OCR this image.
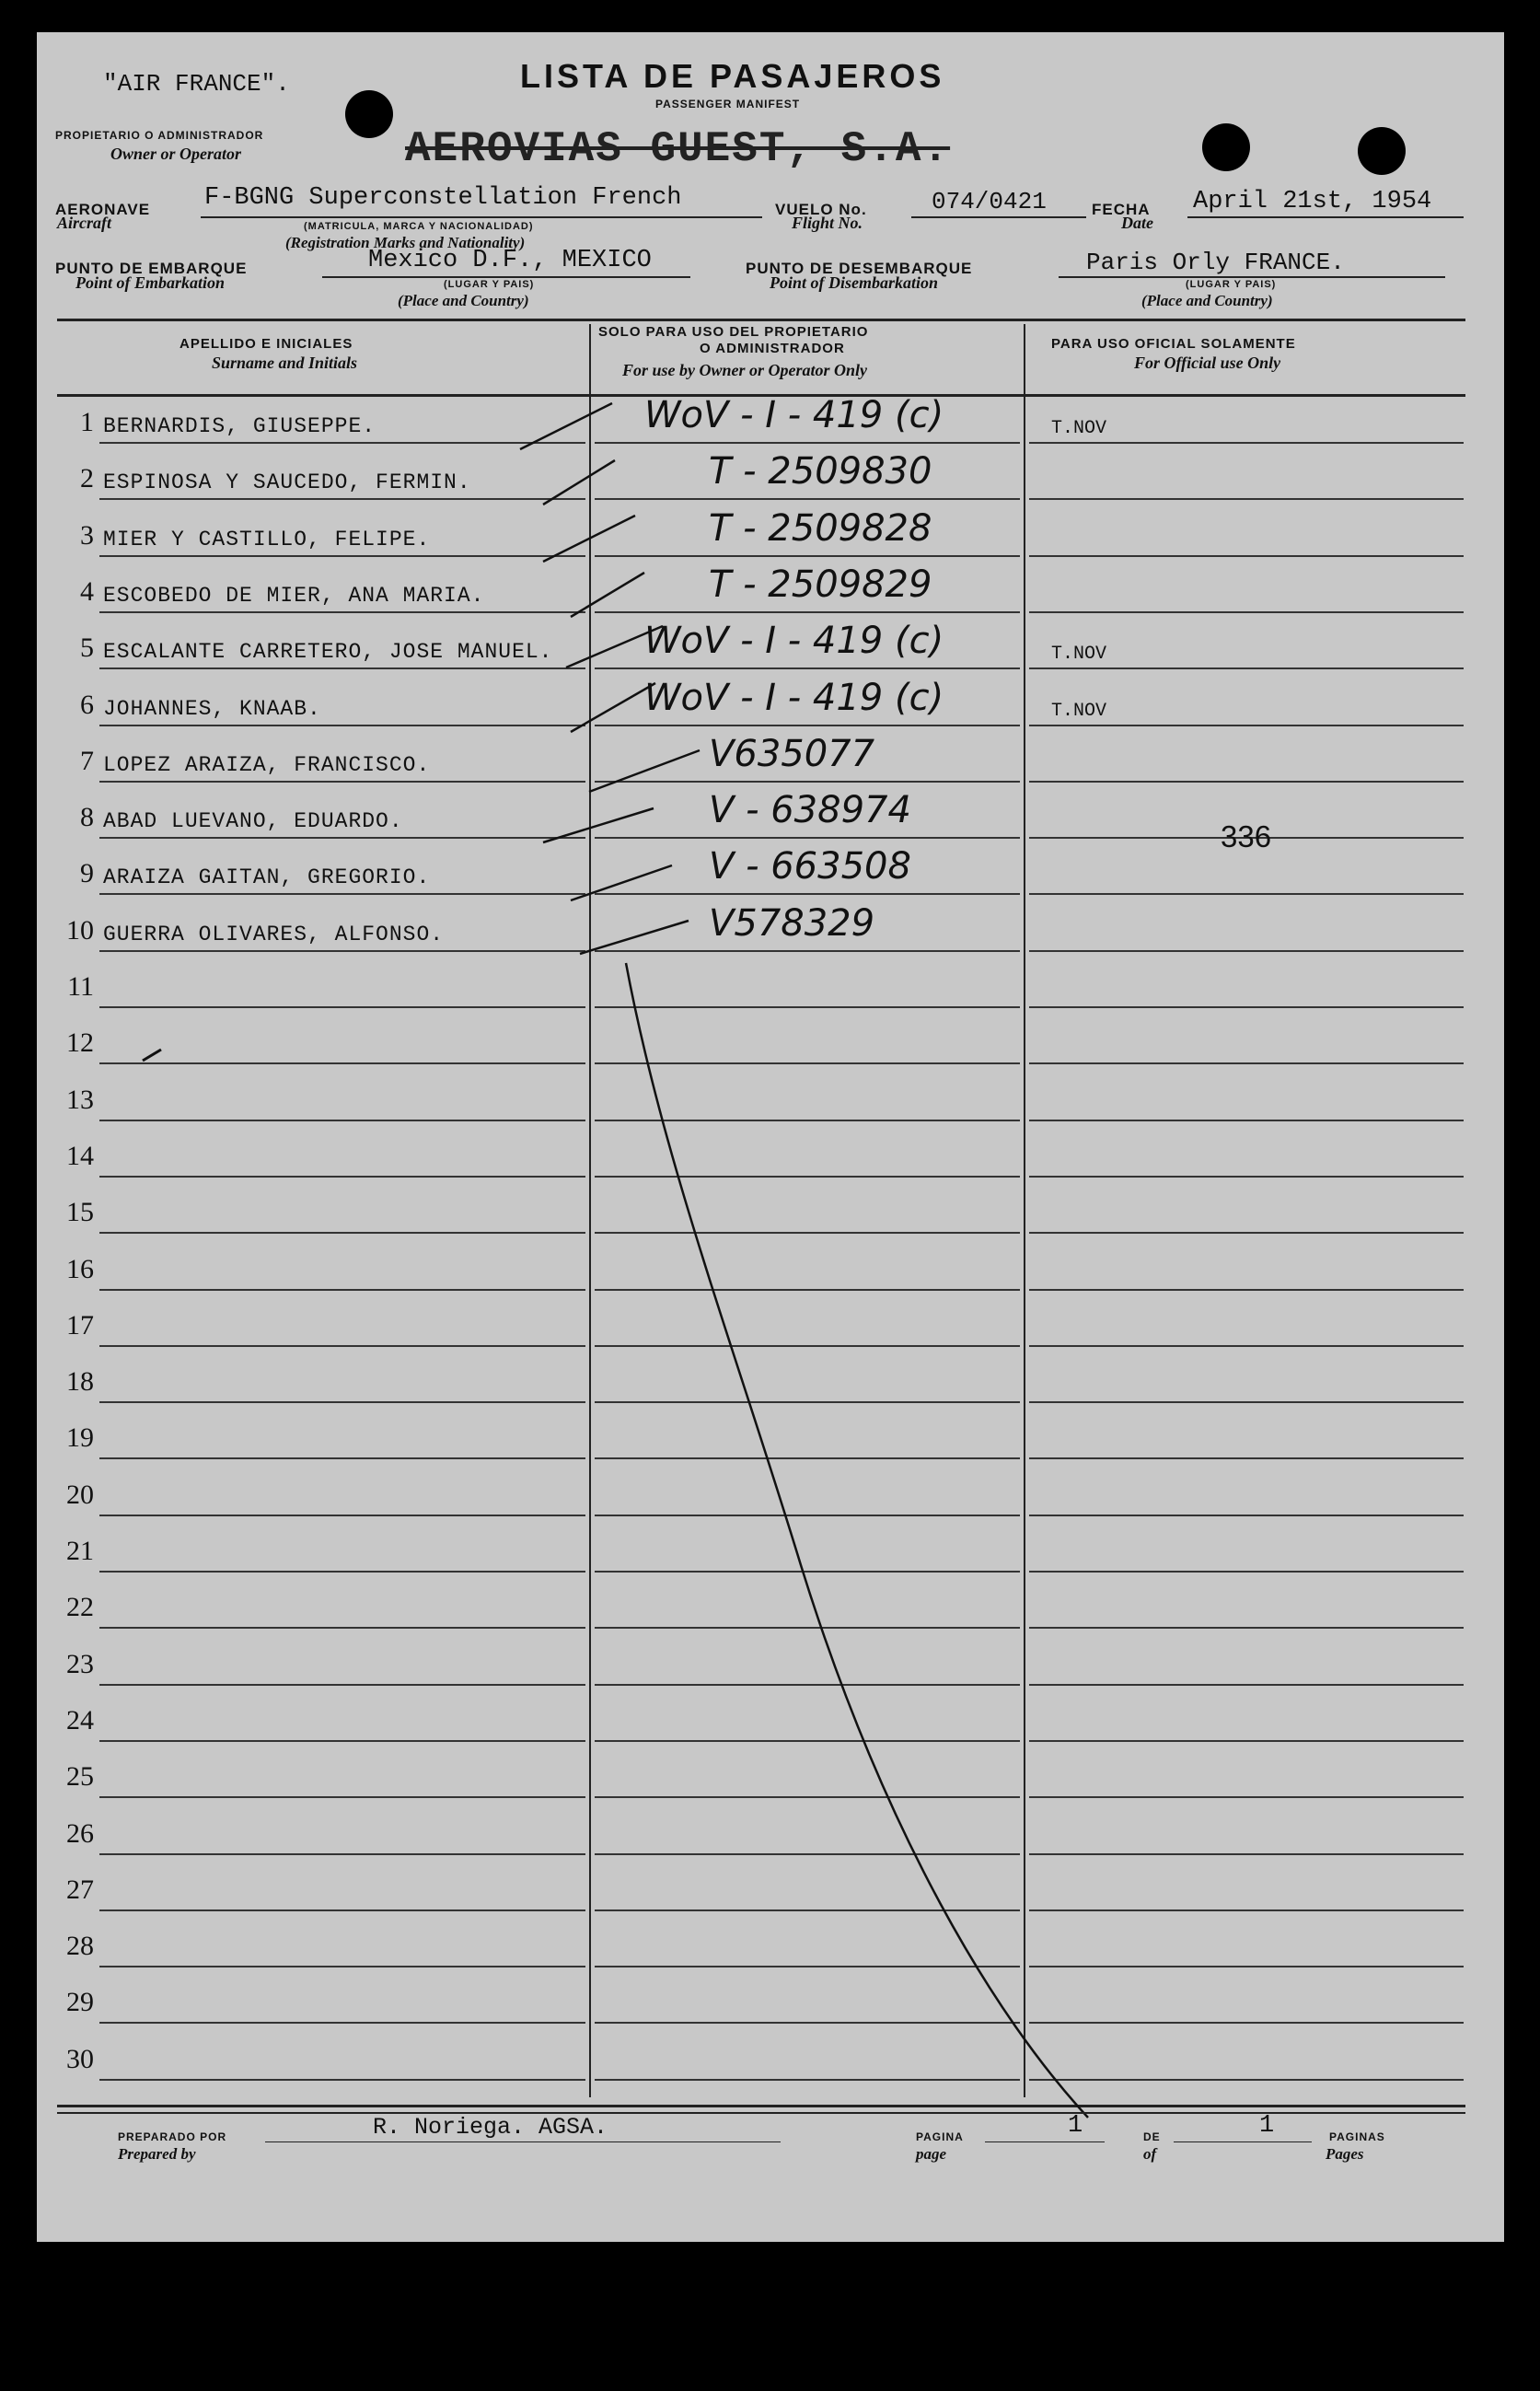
"AIR FRANCE".
PROPIETARIO O ADMINISTRADOR
Owner or Operator
LISTA DE PASAJEROS
PASSENGER MANIFEST
AEROVIAS GUEST, S.A.
AERONAVE
Aircraft
F-BGNG Superconstellation French
(MATRICULA, MARCA Y NACIONALIDAD)
(Registration Marks and Nationality)
VUELO No.
Flight No.
074/0421	FECHA
Date
April 21st, 1954
PUNTO DE EMBARQUE
Point of Embarkation
Mexico D.F., MEXICO
(LUGAR Y PAIS)
(Place and Country)
PUNTO DE DESEMBARQUE
Point of Disembarkation
Paris Orly FRANCE.
(LUGAR Y PAIS)
(Place and Country)
APELLIDO E INICIALES
Surname and Initials
SOLO PARA USO DEL PROPIETARIO
O ADMINISTRADOR
For use by Owner or Operator Only
PARA USO OFICIAL SOLAMENTE
For Official use Only
1 BERNARDIS, GIUSEPPE.	WoV - I - 419 (c)	T.NOV
2 ESPINOSA Y SAUCEDO, FERMIN.	T - 2509830
3 MIER Y CASTILLO, FELIPE.	T - 2509828
4 ESCOBEDO DE MIER, ANA MARIA.	T - 2509829
5 ESCALANTE CARRETERO, JOSE MANUEL. WoV - I - 419 (c)	T.NOV
6 JOHANNES, KNAAB.	WoV - I - 419 (c)	T.NOV
7 LOPEZ ARAIZA, FRANCISCO.	V635077
8 ABAD LUEVANO, EDUARDO.	V - 638974
9 ARAIZA GAITAN, GREGORIO.	V - 663508
336
10 GUERRA OLIVARES, ALFONSO.	V578329
11
12
13
14
15
16
17
18
19
20
21
22
23
24
25
26
27
28
29
30
PREPARADO POR
Prepared by
R. Noriega. AGSA.	PAGINA
page
1	DE
of
1	PAGINAS
Pages
